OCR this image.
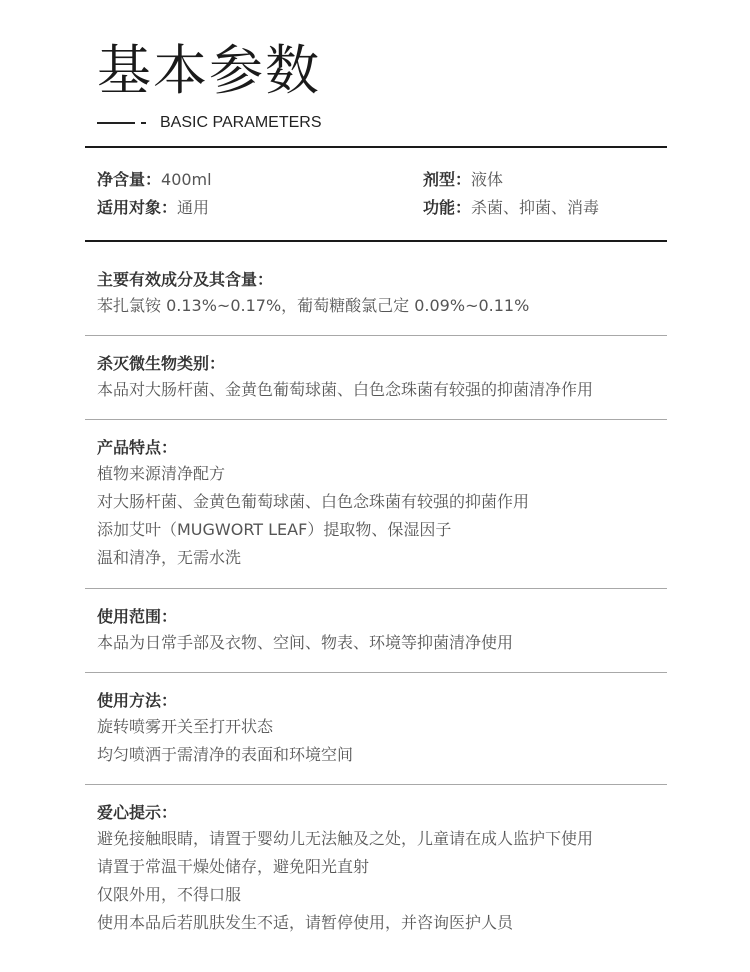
基本参数
BASIC PARAMETERS
净含量：400ml	剂型：液体
适用对象：通用	功能：杀菌、抑菌、消毒
主要有效成分及其含量：
苯扎氯铵 0.13%~0.17%，葡萄糖酸氯己定 0.09%~0.11%
杀灭微生物类别：
本品对大肠杆菌、金黄色葡萄球菌、白色念珠菌有较强的抑菌清净作用
产品特点：
植物来源清净配方
对大肠杆菌、金黄色葡萄球菌、白色念珠菌有较强的抑菌作用
添加艾叶（MUGWORT LEAF）提取物、保湿因子
温和清净，无需水洗
使用范围：
本品为日常手部及衣物、空间、物表、环境等抑菌清净使用
使用方法：
旋转喷雾开关至打开状态
均匀喷洒于需清净的表面和环境空间
爱心提示：
避免接触眼睛，请置于婴幼儿无法触及之处，儿童请在成人监护下使用
请置于常温干燥处储存，避免阳光直射
仅限外用，不得口服
使用本品后若肌肤发生不适，请暂停使用，并咨询医护人员
